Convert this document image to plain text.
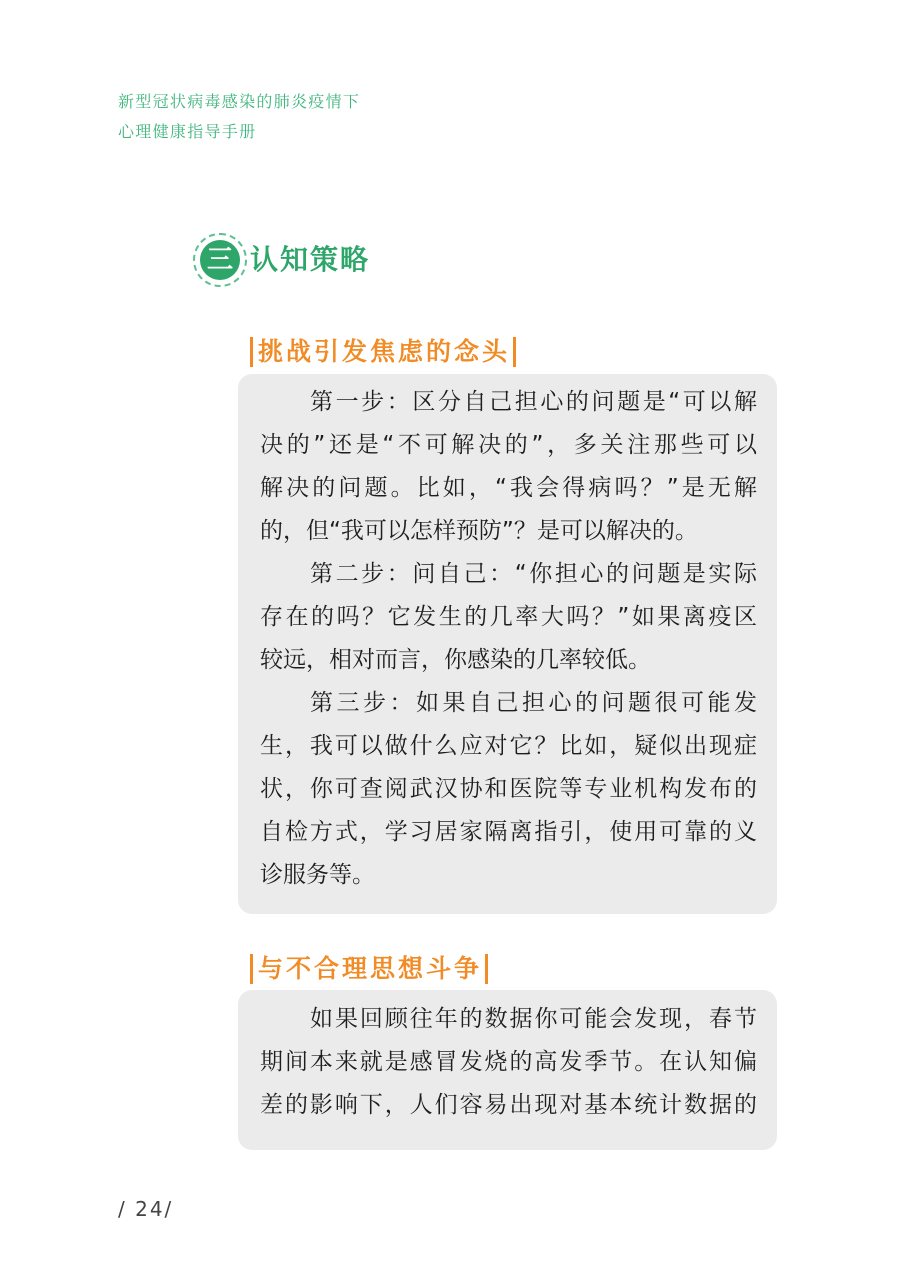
新型冠状病毒感染的肺炎疫情下
心理健康指导手册
三 认知策略
挑战引发焦虑的念头
第一步：区分自己担心的问题是“可以解
决的”还是“不可解决的”，多关注那些可以
解决的问题。比如，“我会得病吗？”是无解
的，但“我可以怎样预防”？是可以解决的。
第二步：问自己：“你担心的问题是实际
存在的吗？它发生的几率大吗？”如果离疫区
较远，相对而言，你感染的几率较低。
第三步：如果自己担心的问题很可能发
生，我可以做什么应对它？比如，疑似出现症
状，你可查阅武汉协和医院等专业机构发布的
自检方式，学习居家隔离指引，使用可靠的义
诊服务等。
与不合理思想斗争
如果回顾往年的数据你可能会发现，春节
期间本来就是感冒发烧的高发季节。在认知偏
差的影响下，人们容易出现对基本统计数据的
/ 24/
